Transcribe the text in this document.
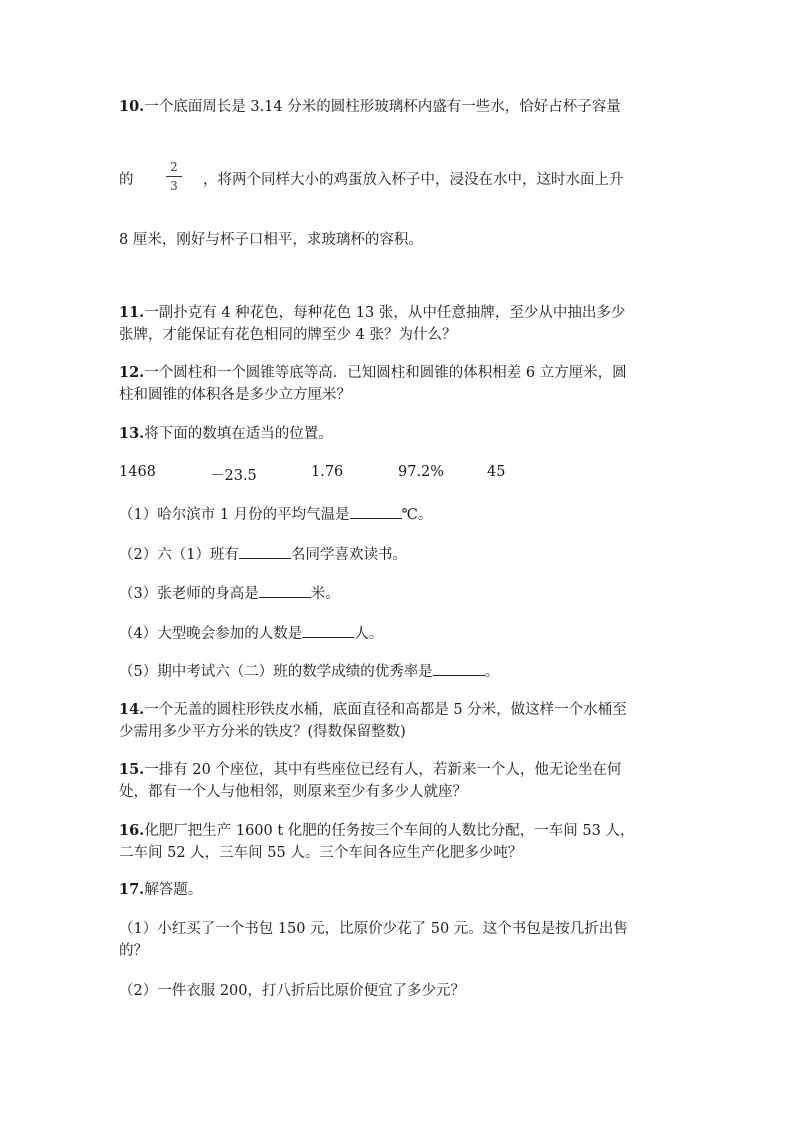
10.一个底面周长是 3.14 分米的圆柱形玻璃杯内盛有一些水，恰好占杯子容量
的
2
3	，将两个同样大小的鸡蛋放入杯子中，浸没在水中，这时水面上升
8 厘米，刚好与杯子口相平，求玻璃杯的容积。
11.一副扑克有 4 种花色，每种花色 13 张，从中任意抽牌，至少从中抽出多少
张牌，才能保证有花色相同的牌至少 4 张？为什么？
12.一个圆柱和一个圆锥等底等高．已知圆柱和圆锥的体积相差 6 立方厘米，圆
柱和圆锥的体积各是多少立方厘米？
13.将下面的数填在适当的位置。
1468	－23.5	1.76	97.2%	45
（1）哈尔滨市 1 月份的平均气温是	℃。
（2）六（1）班有	名同学喜欢读书。
（3）张老师的身高是	米。
（4）大型晚会参加的人数是	人。
（5）期中考试六（二）班的数学成绩的优秀率是	。
14.一个无盖的圆柱形铁皮水桶，底面直径和高都是 5 分米，做这样一个水桶至
少需用多少平方分米的铁皮？(得数保留整数)
15.一排有 20 个座位，其中有些座位已经有人，若新来一个人，他无论坐在何
处，都有一个人与他相邻，则原来至少有多少人就座？
16.化肥厂把生产 1600 t 化肥的任务按三个车间的人数比分配，一车间 53 人，
二车间 52 人，三车间 55 人。三个车间各应生产化肥多少吨？
17.解答题。
（1）小红买了一个书包 150 元，比原价少花了 50 元。这个书包是按几折出售
的？
（2）一件衣服 200，打八折后比原价便宜了多少元？
